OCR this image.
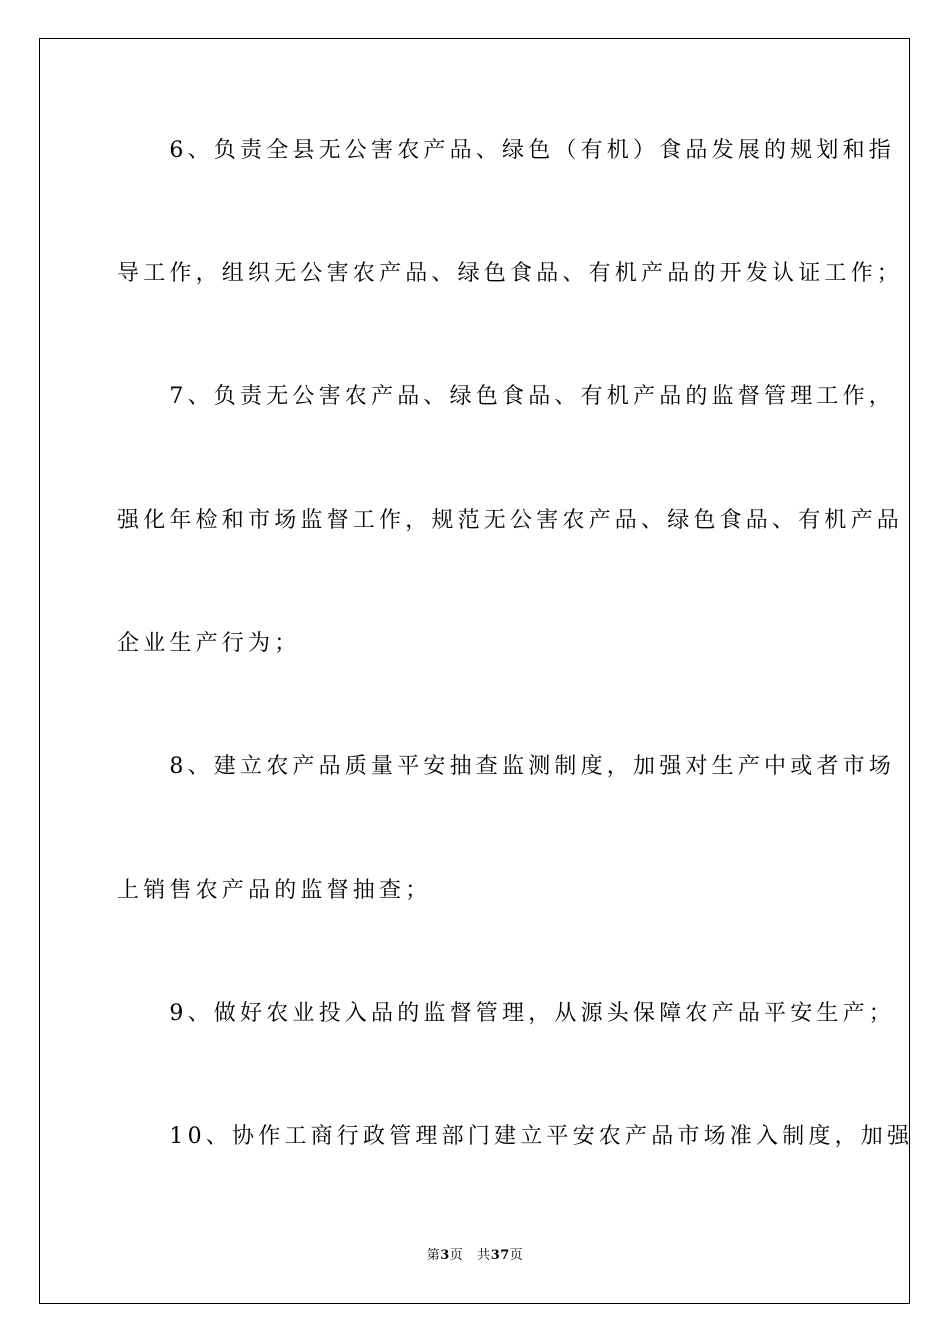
　　6、负责全县无公害农产品、绿色（有机）食品发展的规划和指
导工作，组织无公害农产品、绿色食品、有机产品的开发认证工作；
　　7、负责无公害农产品、绿色食品、有机产品的监督管理工作，
强化年检和市场监督工作，规范无公害农产品、绿色食品、有机产品
企业生产行为；
　　8、建立农产品质量平安抽查监测制度，加强对生产中或者市场
上销售农产品的监督抽查；
　　9、做好农业投入品的监督管理，从源头保障农产品平安生产；
　　10、协作工商行政管理部门建立平安农产品市场准入制度，加强
第3页 共37页
